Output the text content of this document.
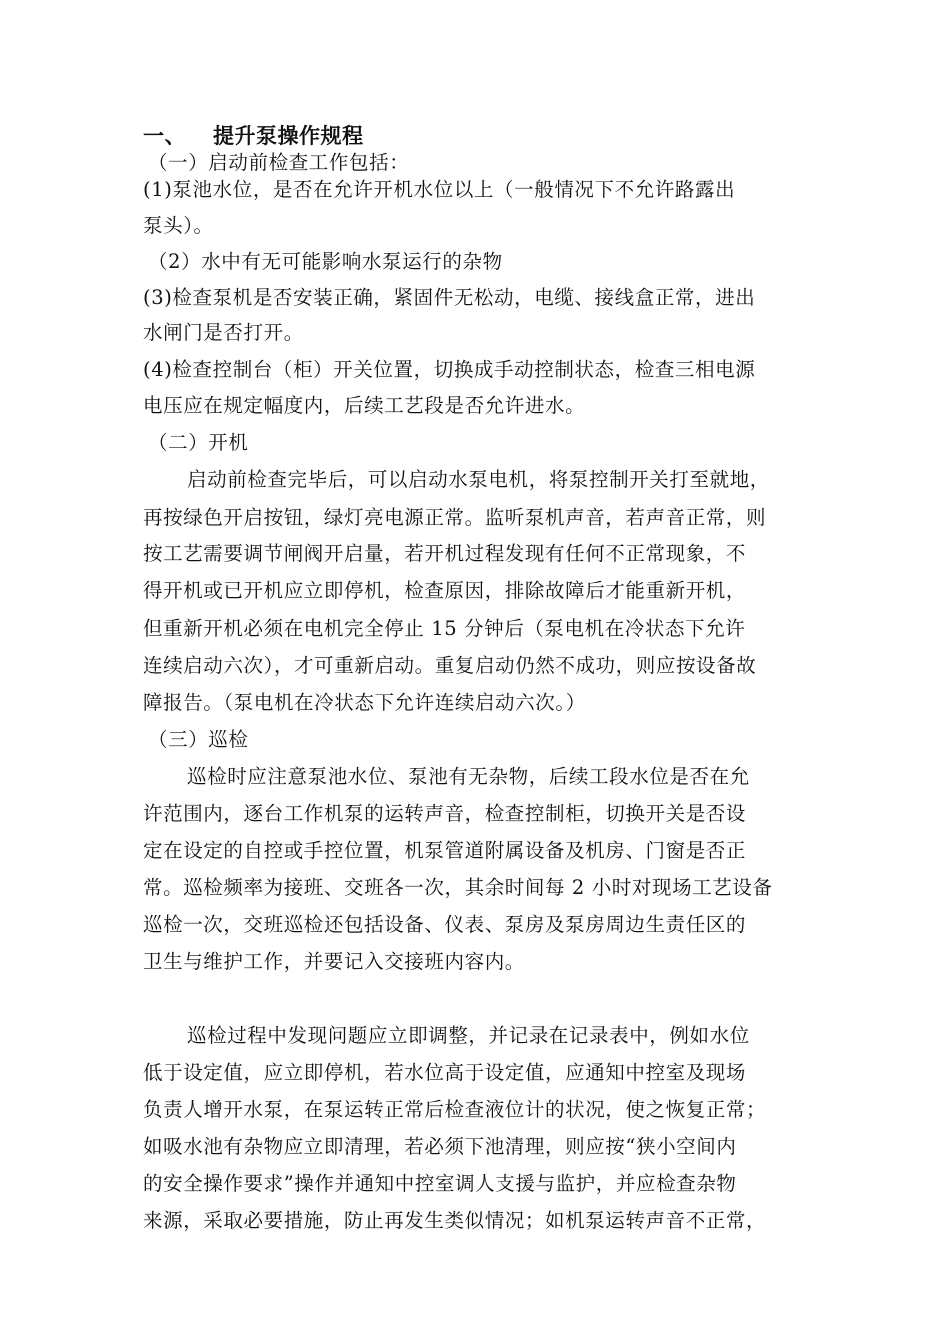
一、 提升泵操作规程
（一）启动前检查工作包括：
(1)泵池水位，是否在允许开机水位以上（一般情况下不允许路露出
泵头）。
（2）水中有无可能影响水泵运行的杂物
(3)检查泵机是否安装正确，紧固件无松动，电缆、接线盒正常，进出
水闸门是否打开。
(4)检查控制台（柜）开关位置，切换成手动控制状态，检查三相电源
电压应在规定幅度内，后续工艺段是否允许进水。
（二）开机
启动前检查完毕后，可以启动水泵电机，将泵控制开关打至就地，
再按绿色开启按钮，绿灯亮电源正常。监听泵机声音，若声音正常，则
按工艺需要调节闸阀开启量，若开机过程发现有任何不正常现象，不
得开机或已开机应立即停机，检查原因，排除故障后才能重新开机，
但重新开机必须在电机完全停止 15 分钟后（泵电机在冷状态下允许
连续启动六次），才可重新启动。重复启动仍然不成功，则应按设备故
障报告。（泵电机在冷状态下允许连续启动六次。）
（三）巡检
巡检时应注意泵池水位、泵池有无杂物，后续工段水位是否在允
许范围内，逐台工作机泵的运转声音，检查控制柜，切换开关是否设
定在设定的自控或手控位置，机泵管道附属设备及机房、门窗是否正
常。巡检频率为接班、交班各一次，其余时间每 2 小时对现场工艺设备
巡检一次，交班巡检还包括设备、仪表、泵房及泵房周边生责任区的
卫生与维护工作，并要记入交接班内容内。
巡检过程中发现问题应立即调整，并记录在记录表中，例如水位
低于设定值，应立即停机，若水位高于设定值，应通知中控室及现场
负责人增开水泵，在泵运转正常后检查液位计的状况，使之恢复正常；
如吸水池有杂物应立即清理，若必须下池清理，则应按“狭小空间内
的安全操作要求”操作并通知中控室调人支援与监护，并应检查杂物
来源，采取必要措施，防止再发生类似情况；如机泵运转声音不正常，
